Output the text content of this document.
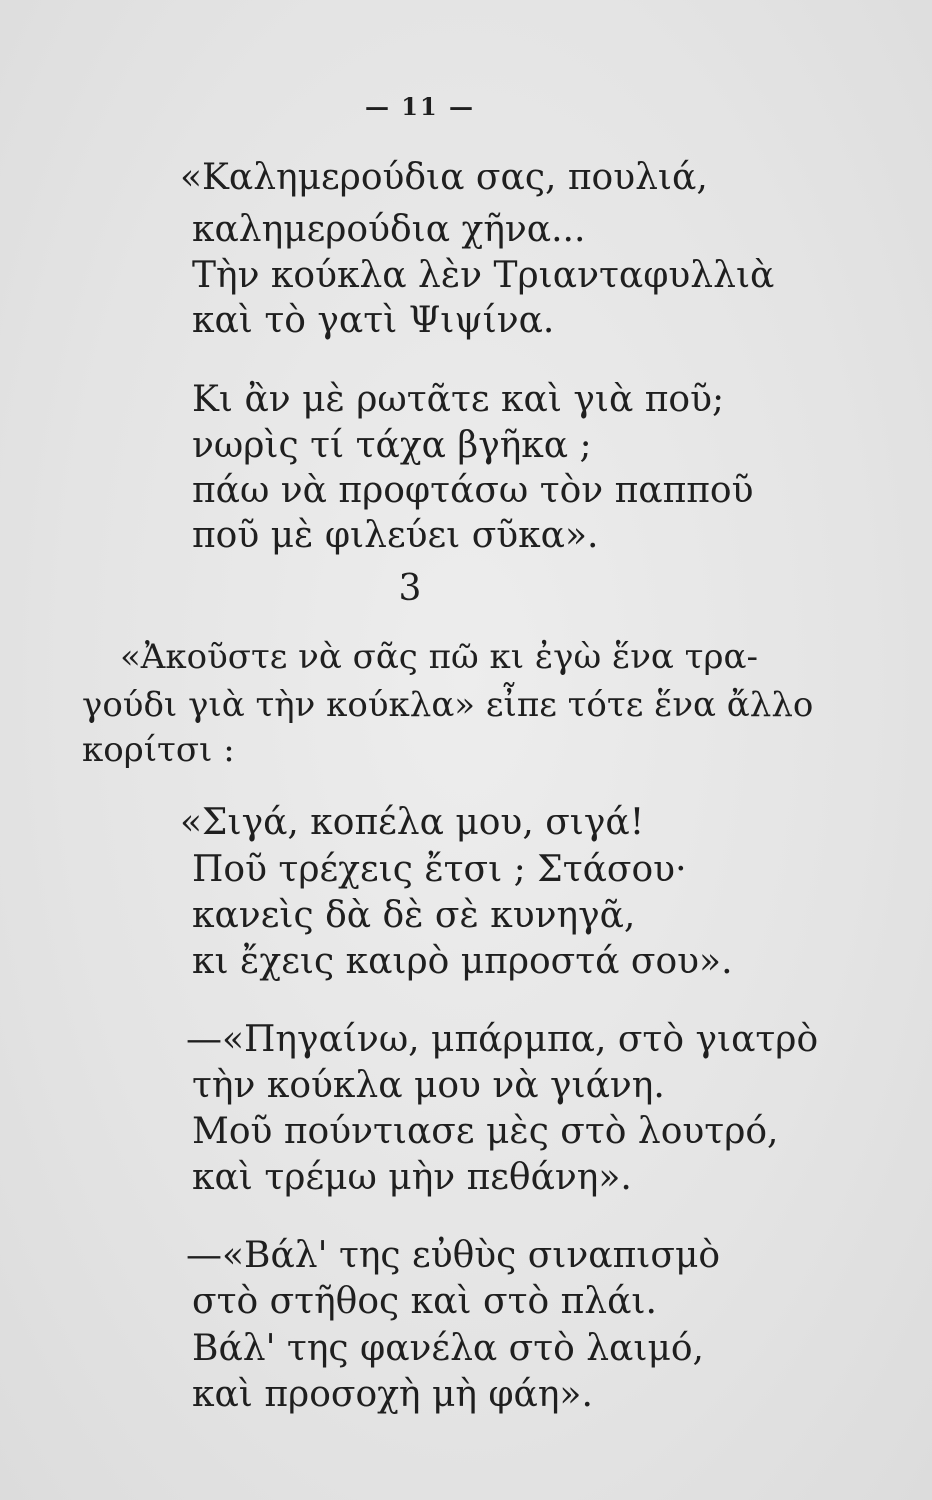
— 11 —
«Καλημερούδια σας, πουλιά,
καλημερούδια χῆνα...
Τὴν κούκλα λὲν Τριανταφυλλιὰ
καὶ τὸ γατὶ Ψιψίνα.
Κι ἂν μὲ ρωτᾶτε καὶ γιὰ ποῦ;
νωρὶς τί τάχα βγῆκα ;
πάω νὰ προφτάσω τὸν παπποῦ
ποῦ μὲ φιλεύει σῦκα».
3
«Ἀκοῦστε νὰ σᾶς πῶ κι ἐγὼ ἕνα τρα-
γούδι γιὰ τὴν κούκλα» εἶπε τότε ἕνα ἄλλο
κορίτσι :
«Σιγά, κοπέλα μου, σιγά!
Ποῦ τρέχεις ἔτσι ; Στάσου·
κανεὶς δὰ δὲ σὲ κυνηγᾶ,
κι ἔχεις καιρὸ μπροστά σου».
—«Πηγαίνω, μπάρμπα, στὸ γιατρὸ
τὴν κούκλα μου νὰ γιάνη.
Μοῦ πούντιασε μὲς στὸ λουτρό,
καὶ τρέμω μὴν πεθάνη».
—«Βάλ' της εὐθὺς σιναπισμὸ
στὸ στῆθος καὶ στὸ πλάι.
Βάλ' της φανέλα στὸ λαιμό,
καὶ προσοχὴ μὴ φάη».
